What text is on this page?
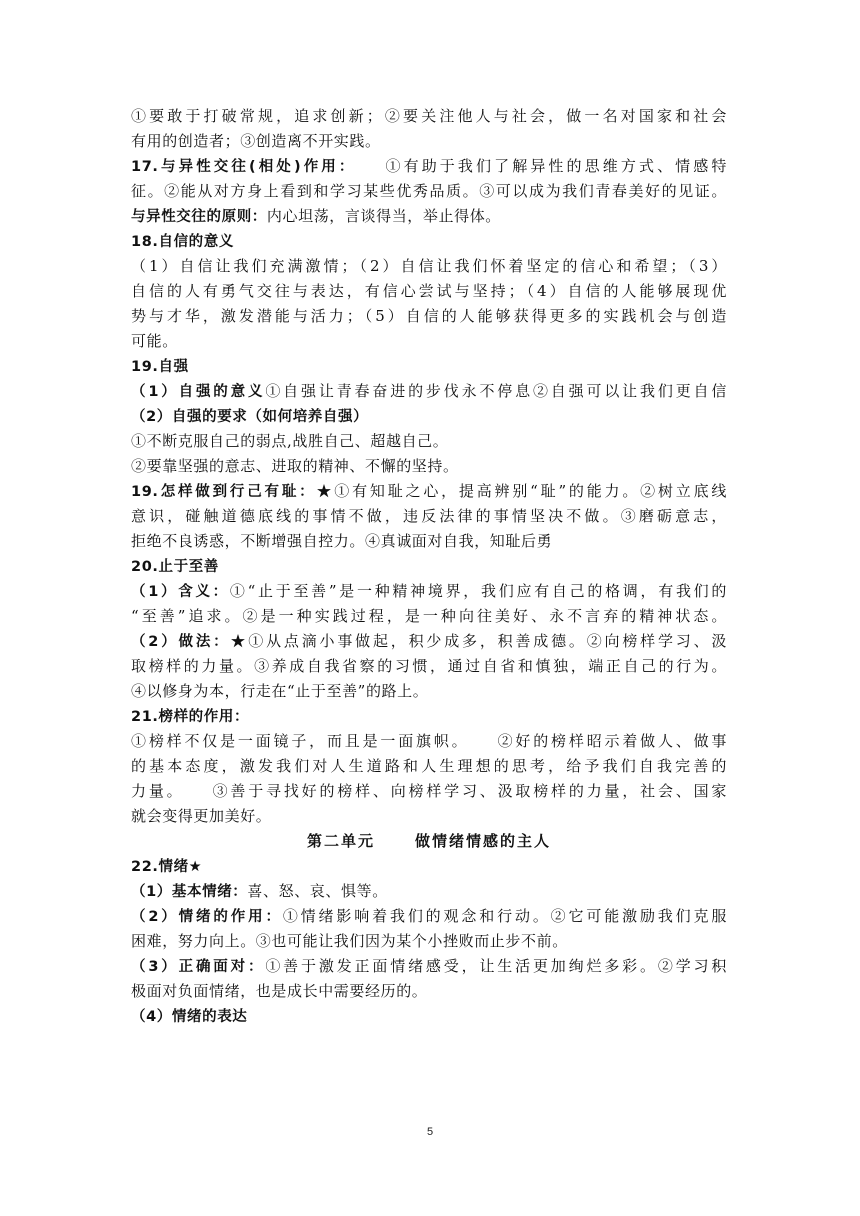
①要敢于打破常规，追求创新；②要关注他人与社会，做一名对国家和社会
有用的创造者；③创造离不开实践。
17.与异性交往(相处)作用：　　①有助于我们了解异性的思维方式、情感特
征。②能从对方身上看到和学习某些优秀品质。③可以成为我们青春美好的见证。
与异性交往的原则：内心坦荡，言谈得当，举止得体。
18.自信的意义
（1）自信让我们充满激情；（2）自信让我们怀着坚定的信心和希望；（3）
自信的人有勇气交往与表达，有信心尝试与坚持；（4）自信的人能够展现优
势与才华，激发潜能与活力；（5）自信的人能够获得更多的实践机会与创造
可能。
19.自强
（1）自强的意义①自强让青春奋进的步伐永不停息②自强可以让我们更自信
（2）自强的要求（如何培养自强）
①不断克服自己的弱点,战胜自己、超越自己。
②要靠坚强的意志、进取的精神、不懈的坚持。
19.怎样做到行己有耻：★①有知耻之心，提高辨别“耻”的能力。②树立底线
意识，碰触道德底线的事情不做，违反法律的事情坚决不做。③磨砺意志，
拒绝不良诱惑，不断增强自控力。④真诚面对自我，知耻后勇
20.止于至善
（1）含义：①“止于至善”是一种精神境界，我们应有自己的格调，有我们的
“至善”追求。②是一种实践过程，是一种向往美好、永不言弃的精神状态。
（2）做法：★①从点滴小事做起，积少成多，积善成德。②向榜样学习、汲
取榜样的力量。③养成自我省察的习惯，通过自省和慎独，端正自己的行为。
④以修身为本，行走在“止于至善”的路上。
21.榜样的作用：
①榜样不仅是一面镜子，而且是一面旗帜。　　②好的榜样昭示着做人、做事
的基本态度，激发我们对人生道路和人生理想的思考，给予我们自我完善的
力量。　　③善于寻找好的榜样、向榜样学习、汲取榜样的力量，社会、国家
就会变得更加美好。
第二单元	做情绪情感的主人
22.情绪★
（1）基本情绪：喜、怒、哀、惧等。
（2）情绪的作用：①情绪影响着我们的观念和行动。②它可能激励我们克服
困难，努力向上。③也可能让我们因为某个小挫败而止步不前。
（3）正确面对：①善于激发正面情绪感受，让生活更加绚烂多彩。②学习积
极面对负面情绪，也是成长中需要经历的。
（4）情绪的表达
5
